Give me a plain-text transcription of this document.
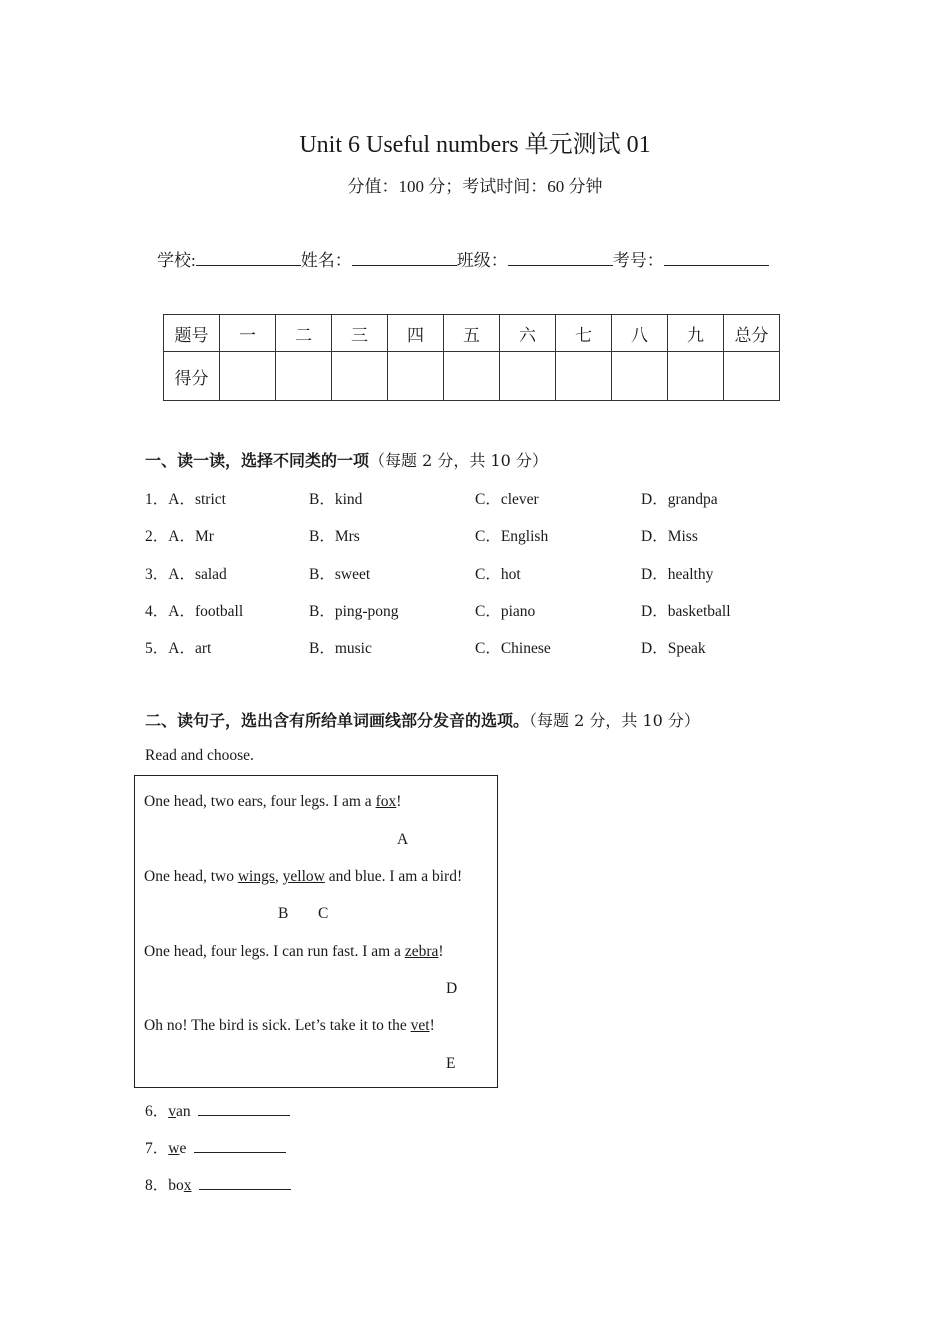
Unit 6 Useful numbers 单元测试 01
分值：100 分；考试时间：60 分钟
学校:	姓名：	班级：	考号：
题号	一	二	三	四	五	六	七	八	九	总分
得分										
一、读一读，选择不同类的一项（每题 2 分，共 10 分）
1．A．strict	B．kind	C．clever	D．grandpa
2．A．Mr	B．Mrs	C．English	D．Miss
3．A．salad	B．sweet	C．hot	D．healthy
4．A．football	B．ping-pong	C．piano	D．basketball
5．A．art	B．music	C．Chinese	D．Speak
二、读句子，选出含有所给单词画线部分发音的选项。（每题 2 分，共 10 分）
Read and choose.
One head, two ears, four legs. I am a fox!
A
One head, two wings, yellow and blue. I am a bird!
B C
One head, four legs. I can run fast. I am a zebra!
D
Oh no! The bird is sick. Let’s take it to the vet!
E
6．van
7．we
8．box
